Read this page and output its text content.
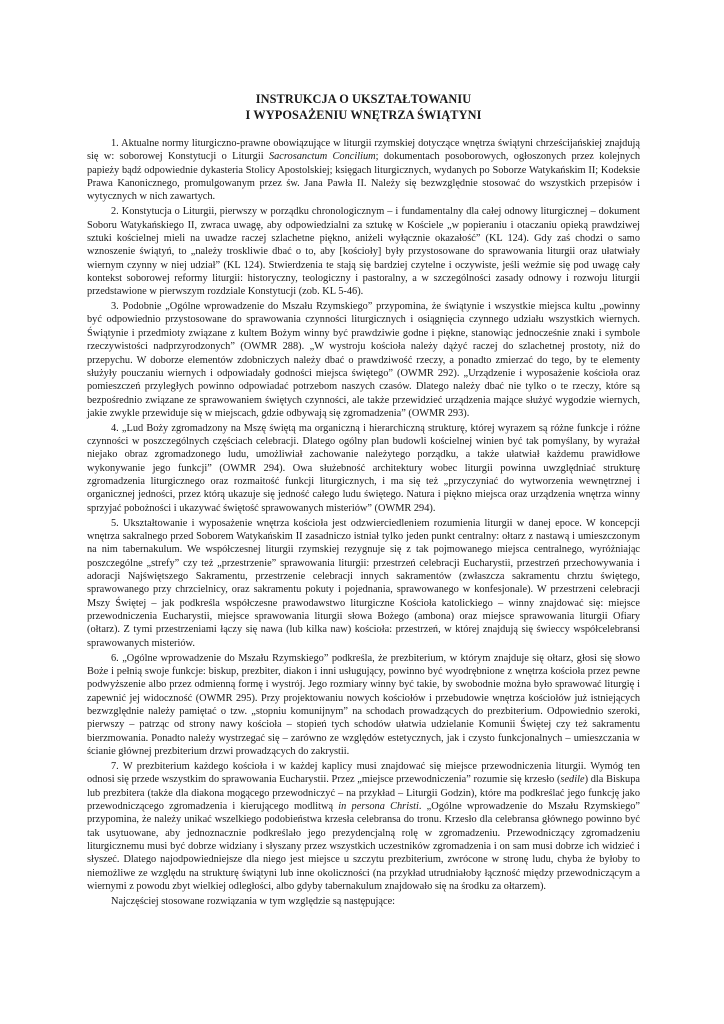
INSTRUKCJA O UKSZTAŁTOWANIU
I WYPOSAŻENIU WNĘTRZA ŚWIĄTYNI

1. Aktualne normy liturgiczno-prawne obowiązujące w liturgii rzymskiej dotyczące wnętrza świątyni chrześcijańskiej znajdują się w: soborowej Konstytucji o Liturgii Sacrosanctum Concilium; dokumentach posoborowych, ogłoszonych przez kolejnych papieży bądź odpowiednie dykasteria Stolicy Apostolskiej; księgach liturgicznych, wydanych po Soborze Watykańskim II; Kodeksie Prawa Kanonicznego, promulgowanym przez św. Jana Pawła II. Należy się bezwzględnie stosować do wszystkich przepisów i wytycznych w nich zawartych.

2. Konstytucja o Liturgii, pierwszy w porządku chronologicznym – i fundamentalny dla całej odnowy liturgicznej – dokument Soboru Watykańskiego II, zwraca uwagę, aby odpowiedzialni za sztukę w Kościele „w popieraniu i otaczaniu opieką prawdziwej sztuki kościelnej mieli na uwadze raczej szlachetne piękno, aniżeli wyłącznie okazałość” (KL 124). Gdy zaś chodzi o samo wznoszenie świątyń, to „należy troskliwie dbać o to, aby [kościoły] były przystosowane do sprawowania liturgii oraz ułatwiały wiernym czynny w niej udział” (KL 124). Stwierdzenia te stają się bardziej czytelne i oczywiste, jeśli weźmie się pod uwagę cały kontekst soborowej reformy liturgii: historyczny, teologiczny i pastoralny, a w szczególności zasady odnowy i rozwoju liturgii przedstawione w pierwszym rozdziale Konstytucji (zob. KL 5-46).

3. Podobnie „Ogólne wprowadzenie do Mszału Rzymskiego” przypomina, że świątynie i wszystkie miejsca kultu „powinny być odpowiednio przystosowane do sprawowania czynności liturgicznych i osiągnięcia czynnego udziału wszystkich wiernych. Świątynie i przedmioty związane z kultem Bożym winny być prawdziwie godne i piękne, stanowiąc jednocześnie znaki i symbole rzeczywistości nadprzyrodzonych” (OWMR 288). „W wystroju kościoła należy dążyć raczej do szlachetnej prostoty, niż do przepychu. W doborze elementów zdobniczych należy dbać o prawdziwość rzeczy, a ponadto zmierzać do tego, by te elementy służyły pouczaniu wiernych i odpowiadały godności miejsca świętego” (OWMR 292). „Urządzenie i wyposażenie kościoła oraz pomieszczeń przyległych powinno odpowiadać potrzebom naszych czasów. Dlatego należy dbać nie tylko o te rzeczy, które są bezpośrednio związane ze sprawowaniem świętych czynności, ale także przewidzieć urządzenia mające służyć wygodzie wiernych, jakie zwykle przewiduje się w miejscach, gdzie odbywają się zgromadzenia” (OWMR 293).

4. „Lud Boży zgromadzony na Mszę świętą ma organiczną i hierarchiczną strukturę, której wyrazem są różne funkcje i różne czynności w poszczególnych częściach celebracji. Dlatego ogólny plan budowli kościelnej winien być tak pomyślany, by wyrażał niejako obraz zgromadzonego ludu, umożliwiał zachowanie należytego porządku, a także ułatwiał każdemu prawidłowe wykonywanie jego funkcji” (OWMR 294). Owa służebność architektury wobec liturgii powinna uwzględniać strukturę zgromadzenia liturgicznego oraz rozmaitość funkcji liturgicznych, i ma się też „przyczyniać do wytworzenia wewnętrznej i organicznej jedności, przez którą ukazuje się jedność całego ludu świętego. Natura i piękno miejsca oraz urządzenia wnętrza winny sprzyjać pobożności i ukazywać świętość sprawowanych misteriów” (OWMR 294).

5. Ukształtowanie i wyposażenie wnętrza kościoła jest odzwierciedleniem rozumienia liturgii w danej epoce. W koncepcji wnętrza sakralnego przed Soborem Watykańskim II zasadniczo istniał tylko jeden punkt centralny: ołtarz z nastawą i umieszczonym na nim tabernakulum. We współczesnej liturgii rzymskiej rezygnuje się z tak pojmowanego miejsca centralnego, wyróżniając poszczególne „strefy” czy też „przestrzenie” sprawowania liturgii: przestrzeń celebracji Eucharystii, przestrzeń przechowywania i adoracji Najświętszego Sakramentu, przestrzenie celebracji innych sakramentów (zwłaszcza sakramentu chrztu świętego, sprawowanego przy chrzcielnicy, oraz sakramentu pokuty i pojednania, sprawowanego w konfesjonale). W przestrzeni celebracji Mszy Świętej – jak podkreśla współczesne prawodawstwo liturgiczne Kościoła katolickiego – winny znajdować się: miejsce przewodniczenia Eucharystii, miejsce sprawowania liturgii słowa Bożego (ambona) oraz miejsce sprawowania liturgii Ofiary (ołtarz). Z tymi przestrzeniami łączy się nawa (lub kilka naw) kościoła: przestrzeń, w której znajdują się świeccy współcelebransi sprawowanych misteriów.

6. „Ogólne wprowadzenie do Mszału Rzymskiego” podkreśla, że prezbiterium, w którym znajduje się ołtarz, głosi się słowo Boże i pełnią swoje funkcje: biskup, prezbiter, diakon i inni usługujący, powinno być wyodrębnione z wnętrza kościoła przez pewne podwyższenie albo przez odmienną formę i wystrój. Jego rozmiary winny być takie, by swobodnie można było sprawować liturgię i zapewnić jej widoczność (OWMR 295). Przy projektowaniu nowych kościołów i przebudowie wnętrza kościołów już istniejących bezwzględnie należy pamiętać o tzw. „stopniu komunijnym” na schodach prowadzących do prezbiterium. Odpowiednio szeroki, pierwszy – patrząc od strony nawy kościoła – stopień tych schodów ułatwia udzielanie Komunii Świętej czy też sakramentu bierzmowania. Ponadto należy wystrzegać się – zarówno ze względów estetycznych, jak i czysto funkcjonalnych – umieszczania w ścianie głównej prezbiterium drzwi prowadzących do zakrystii.

7. W prezbiterium każdego kościoła i w każdej kaplicy musi znajdować się miejsce przewodniczenia liturgii. Wymóg ten odnosi się przede wszystkim do sprawowania Eucharystii. Przez „miejsce przewodniczenia” rozumie się krzesło (sedile) dla Biskupa lub prezbitera (także dla diakona mogącego przewodniczyć – na przykład – Liturgii Godzin), które ma podkreślać jego funkcję jako przewodniczącego zgromadzenia i kierującego modlitwą in persona Christi. „Ogólne wprowadzenie do Mszału Rzymskiego” przypomina, że należy unikać wszelkiego podobieństwa krzesła celebransa do tronu. Krzesło dla celebransa głównego powinno być tak usytuowane, aby jednoznacznie podkreślało jego prezydencjalną rolę w zgromadzeniu. Przewodniczący zgromadzeniu liturgicznemu musi być dobrze widziany i słyszany przez wszystkich uczestników zgromadzenia i on sam musi dobrze ich widzieć i słyszeć. Dlatego najodpowiedniejsze dla niego jest miejsce u szczytu prezbiterium, zwrócone w stronę ludu, chyba że byłoby to niemożliwe ze względu na strukturę świątyni lub inne okoliczności (na przykład utrudniałoby łączność między przewodniczącym a wiernymi z powodu zbyt wielkiej odległości, albo gdyby tabernakulum znajdowało się na środku za ołtarzem).

Najczęściej stosowane rozwiązania w tym względzie są następujące:
